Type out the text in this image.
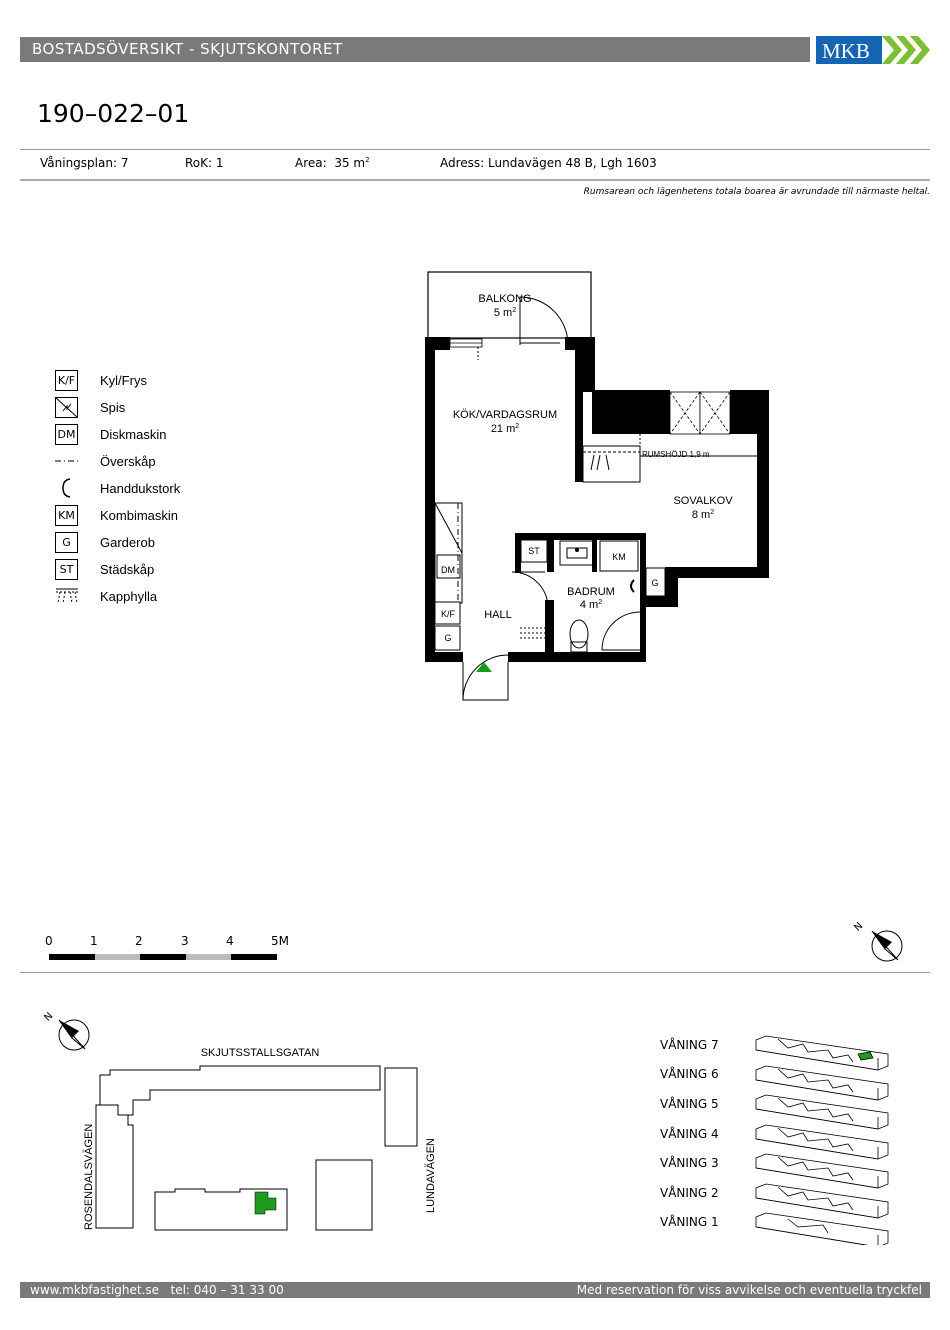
BOSTADSÖVERSIKT - SKJUTSKONTORET	MKB
190–022–01
Våningsplan: 7	RoK: 1	Area: 35 $m^2$	Adress: Lundavägen 48 B, Lgh 1603
Rumsarean och lägenhetens totala boarea är avrundade till närmaste heltal.
K/F Kyl/Frys
Spis
DM Diskmaskin
Överskåp
Handdukstork
KM Kombimaskin
G	Garderob
ST	Städskåp
Kapphylla
BALKONG
5 $m^2$
KÖK/VARDAGSRUM
21 $m^2$
RUMSHÖJD 1,9 m
SOVALKOV
8 $m^2$
BADRUM
4 $m^2$
HALL
ST
KM
G
DM
K/F
G
0	1	2	3	4	5M
N
N
SKJUTSSTALLSGATAN
ROSENDALSVÄGEN	LUNDAVÄGEN
VÅNING 7
VÅNING 6
VÅNING 5
VÅNING 4
VÅNING 3
VÅNING 2
VÅNING 1
www.mkbfastighet.se   tel: 040 – 31 33 00	Med reservation för viss avvikelse och eventuella tryckfel
